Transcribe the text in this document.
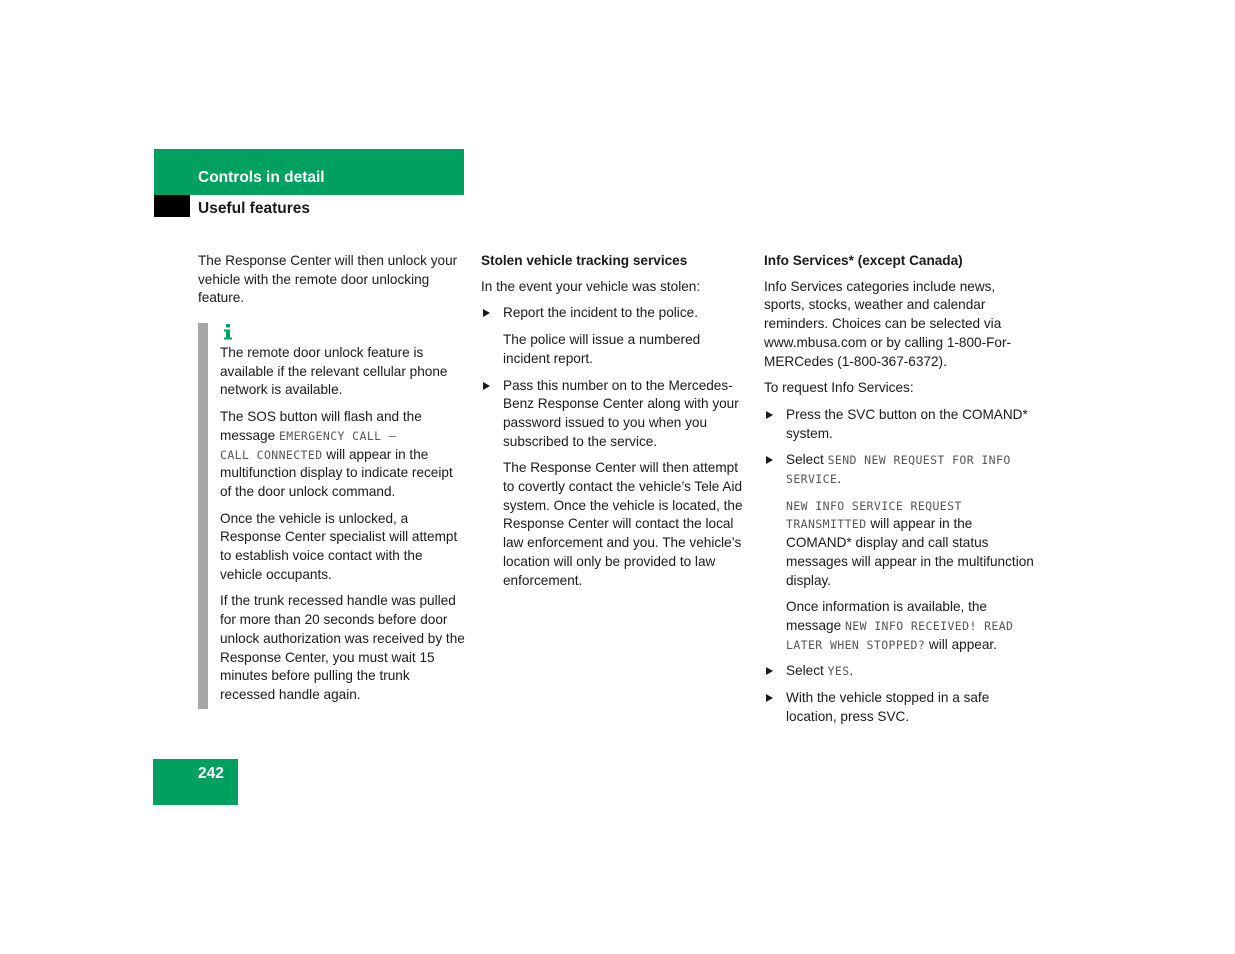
Controls in detail
Useful features

The Response Center will then unlock your vehicle with the remote door unlocking feature.

The remote door unlock feature is available if the relevant cellular phone network is available.

The SOS button will flash and the message EMERGENCY CALL –
CALL CONNECTED will appear in the multifunction display to indicate receipt of the door unlock command.

Once the vehicle is unlocked, a Response Center specialist will attempt to establish voice contact with the vehicle occupants.

If the trunk recessed handle was pulled for more than 20 seconds before door unlock authorization was received by the Response Center, you must wait 15 minutes before pulling the trunk recessed handle again.

Stolen vehicle tracking services

In the event your vehicle was stolen:

Report the incident to the police.

The police will issue a numbered incident report.

Pass this number on to the Mercedes-Benz Response Center along with your password issued to you when you subscribed to the service.

The Response Center will then attempt to covertly contact the vehicle’s Tele Aid system. Once the vehicle is located, the Response Center will contact the local law enforcement and you. The vehicle’s location will only be provided to law enforcement.

Info Services* (except Canada)

Info Services categories include news, sports, stocks, weather and calendar reminders. Choices can be selected via www.mbusa.com or by calling 1-800-For-MERCedes (1-800-367-6372).

To request Info Services:

Press the SVC button on the COMAND* system.

Select SEND NEW REQUEST FOR INFO SERVICE.

NEW INFO SERVICE REQUEST TRANSMITTED will appear in the COMAND* display and call status messages will appear in the multifunction display.

Once information is available, the message NEW INFO RECEIVED! READ LATER WHEN STOPPED? will appear.

Select YES.

With the vehicle stopped in a safe location, press SVC.

242
